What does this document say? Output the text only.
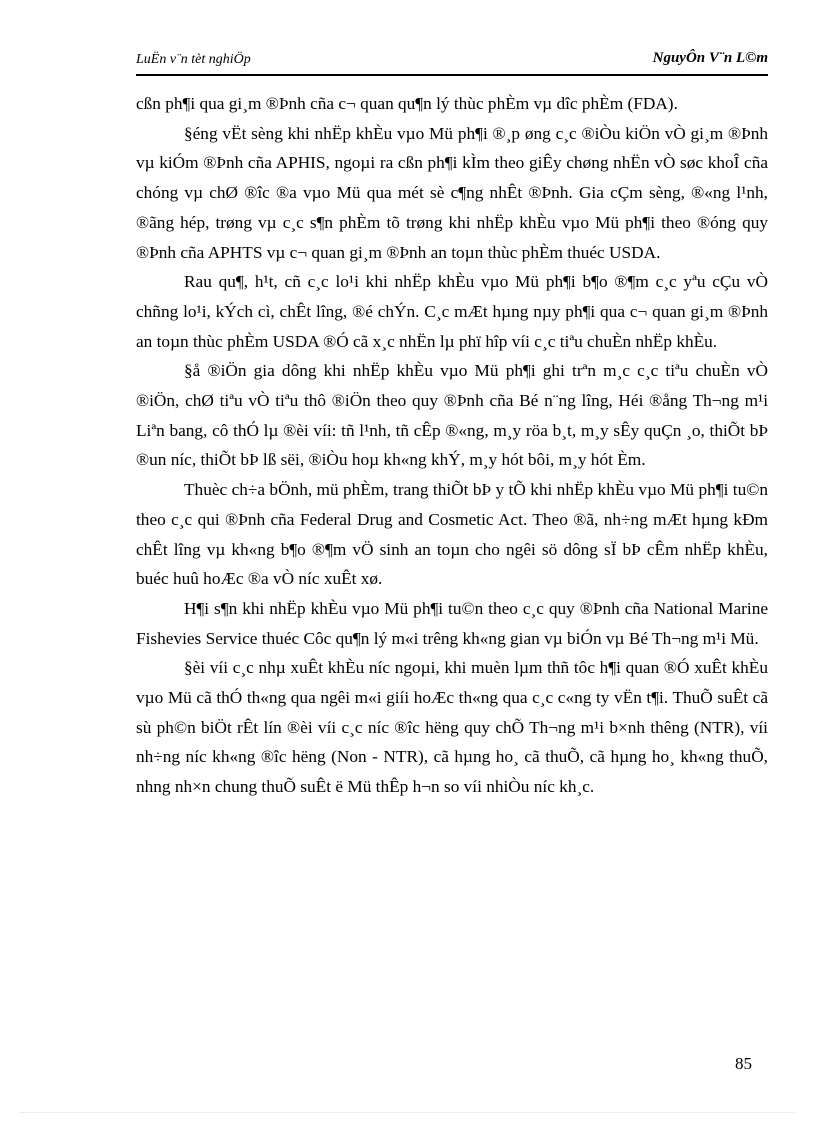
LuËn v¨n tèt nghiÖp	NguyÔn V¨n L©m

cßn ph¶i qua gi¸m ®Þnh cña c¬ quan qu¶n lý thùc phÈm vµ dîc phÈm (FDA).

§éng vËt sèng khi nhËp khÈu vµo Mü ph¶i ®¸p øng c¸c ®iÒu kiÖn vÒ gi¸m ®Þnh vµ kiÓm ®Þnh cña APHIS, ngoµi ra cßn ph¶i kÌm theo giÊy chøng nhËn vÒ søc khoÎ cña chóng vµ chØ ®îc ®a vµo Mü qua mét sè c¶ng nhÊt ®Þnh. Gia cÇm sèng, ®«ng l¹nh, ®ãng hép, trøng vµ c¸c s¶n phÈm tõ trøng khi nhËp khÈu vµo Mü ph¶i theo ®óng quy ®Þnh cña APHTS vµ c¬ quan gi¸m ®Þnh an toµn thùc phÈm thuéc USDA.

Rau qu¶, h¹t, cñ c¸c lo¹i khi nhËp khÈu vµo Mü ph¶i b¶o ®¶m c¸c yªu cÇu vÒ chñng lo¹i, kÝch cì, chÊt lîng, ®é chÝn. C¸c mÆt hµng nµy ph¶i qua c¬ quan gi¸m ®Þnh an toµn thùc phÈm USDA ®Ó cã x¸c nhËn lµ phï hîp víi c¸c tiªu chuÈn nhËp khÈu.

§å ®iÖn gia dông khi nhËp khÈu vµo Mü ph¶i ghi trªn m¸c c¸c tiªu chuÈn vÒ ®iÖn, chØ tiªu vÒ tiªu thô ®iÖn theo quy ®Þnh cña Bé n¨ng lîng, Héi ®ång Th¬ng m¹i Liªn bang, cô thÓ lµ ®èi víi: tñ l¹nh, tñ cÊp ®«ng, m¸y röa b¸t, m¸y sÊy quÇn ¸o, thiÕt bÞ ®un níc, thiÕt bÞ lß sëi, ®iÒu hoµ kh«ng khÝ, m¸y hót bôi, m¸y hót Èm.

Thuèc ch÷a bÖnh, mü phÈm, trang thiÕt bÞ y tÕ khi nhËp khÈu vµo Mü ph¶i tu©n theo c¸c qui ®Þnh cña Federal Drug and Cosmetic Act. Theo ®ã, nh÷ng mÆt hµng kÐm chÊt lîng vµ kh«ng b¶o ®¶m vÖ sinh an toµn cho ngêi sö dông sÏ bÞ cÊm nhËp khÈu, buéc huû hoÆc ®a vÒ níc xuÊt xø.

H¶i s¶n khi nhËp khÈu vµo Mü ph¶i tu©n theo c¸c quy ®Þnh cña National Marine Fishevies Service thuéc Côc qu¶n lý m«i trêng kh«ng gian vµ biÓn vµ Bé Th¬ng m¹i Mü.

§èi víi c¸c nhµ xuÊt khÈu níc ngoµi, khi muèn lµm thñ tôc h¶i quan ®Ó xuÊt khÈu vµo Mü cã thÓ th«ng qua ngêi m«i giíi hoÆc th«ng qua c¸c c«ng ty vËn t¶i. ThuÕ suÊt cã sù ph©n biÖt rÊt lín ®èi víi c¸c níc ®îc hëng quy chÕ Th¬ng m¹i b×nh thêng (NTR), víi nh÷ng níc kh«ng ®îc hëng (Non - NTR), cã hµng ho¸ cã thuÕ, cã hµng ho¸ kh«ng thuÕ, nhng nh×n chung thuÕ suÊt ë Mü thÊp h¬n so víi nhiÒu níc kh¸c.

85
